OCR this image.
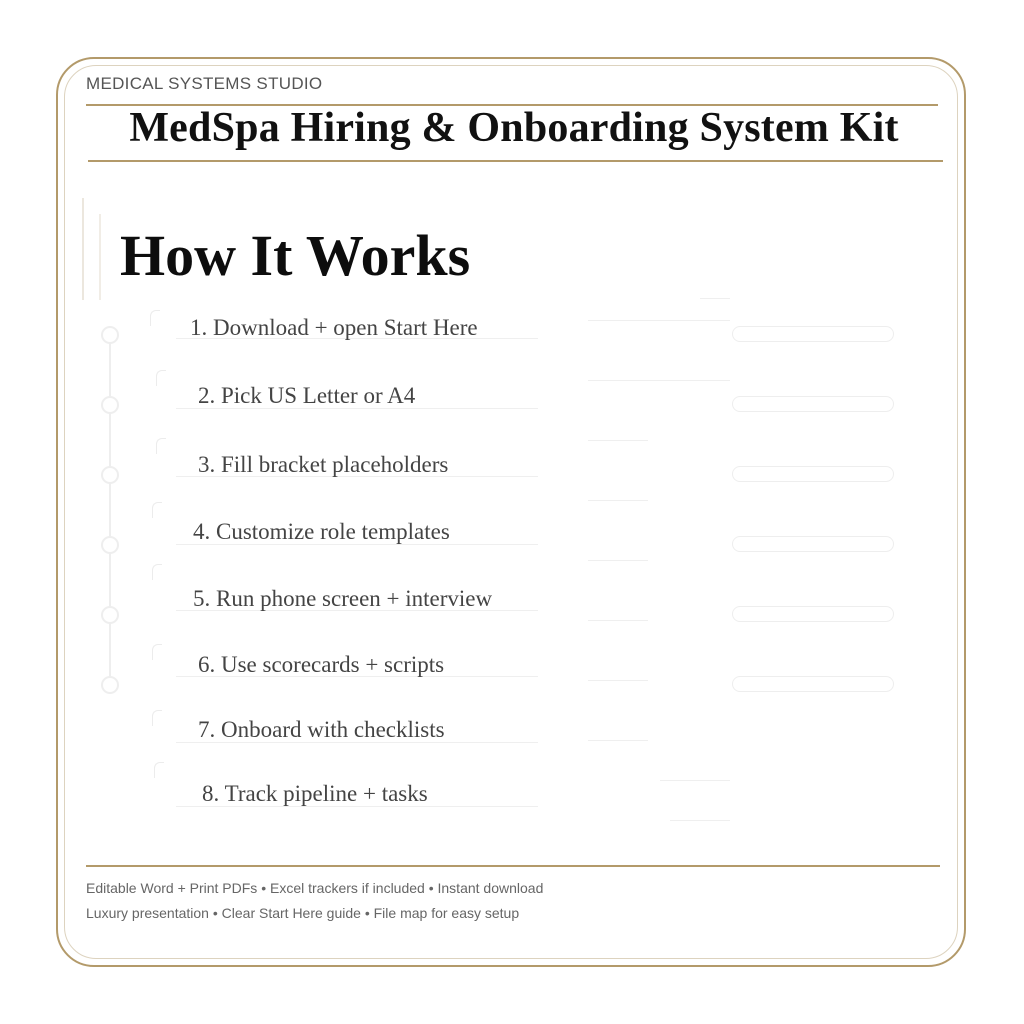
MEDICAL SYSTEMS STUDIO
MedSpa Hiring & Onboarding System Kit
How It Works
1. Download + open Start Here
2. Pick US Letter or A4
3. Fill bracket placeholders
4. Customize role templates
5. Run phone screen + interview
6. Use scorecards + scripts
7. Onboard with checklists
8. Track pipeline + tasks
Editable Word + Print PDFs • Excel trackers if included • Instant download
Luxury presentation • Clear Start Here guide • File map for easy setup
